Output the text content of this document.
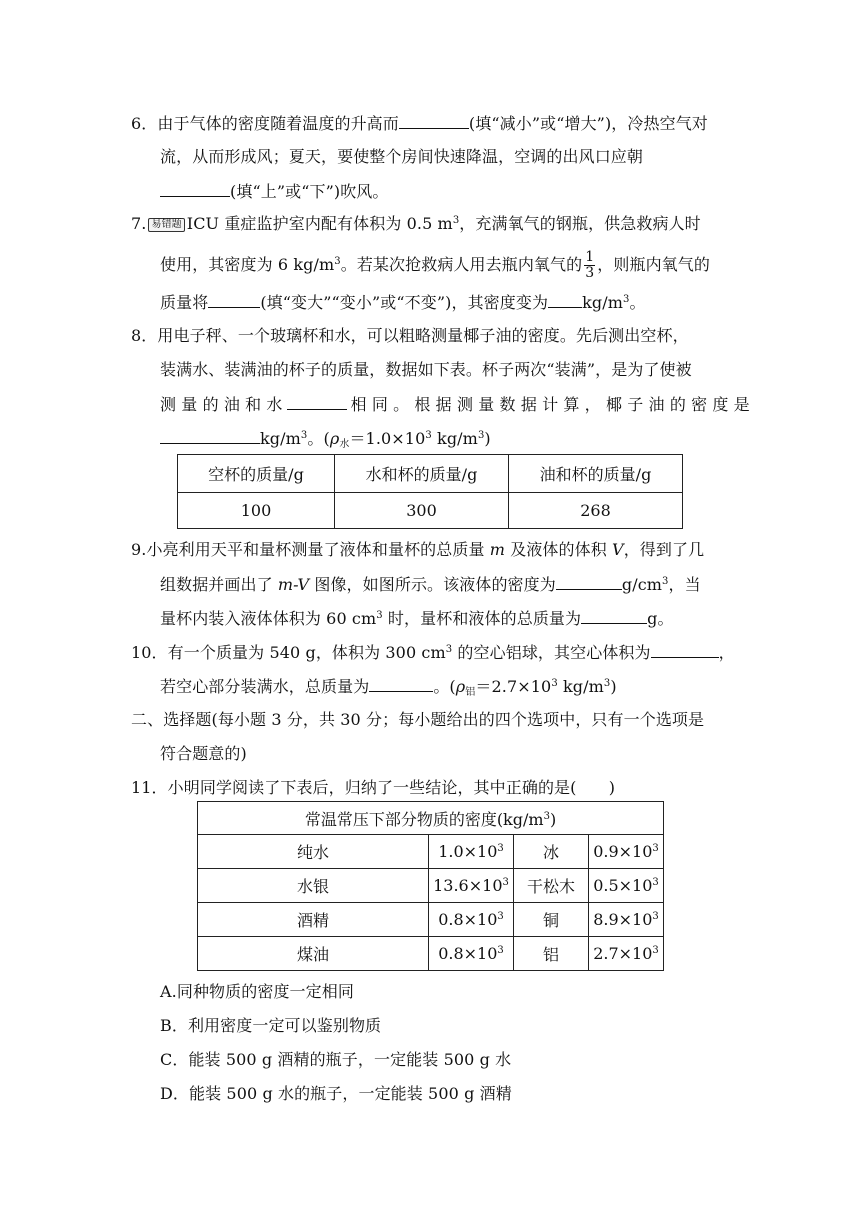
6．由于气体的密度随着温度的升高而	(填“减小”或“增大”)，冷热空气对
流，从而形成风；夏天，要使整个房间快速降温，空调的出风口应朝
(填“上”或“下”)吹风。
7. 易错题 ICU 重症监护室内配有体积为 0.5 $m^3$，充满氧气的钢瓶，供急救病人时
使用，其密度为 6 $kg/m^3$。若某次抢救病人用去瓶内氧气的 $\frac{1}{3}$ ，则瓶内氧气的
质量将	(填“变大”“变小”或“不变”)，其密度变为 $kg/m^3$。
8．用电子秤、一个玻璃杯和水，可以粗略测量椰子油的密度。先后测出空杯，
装满水、装满油的杯子的质量，数据如下表。杯子两次“装满”，是为了使被
测 量 的 油 和 水	相 同 。 根 据 测 量 数 据 计 算 ， 椰 子 油 的 密 度 是
$kg/m^3$。($\rho_水=1.0\times 10^3$ $kg/m^3$)
空杯的质量/g	水和杯的质量/g	油和杯的质量/g
100	300	268
9.小亮利用天平和量杯测量了液体和量杯的总质量 m 及液体的体积 V，得到了几
组数据并画出了 m-V 图像，如图所示。该液体的密度为	$g/cm^3$，当
量杯内装入液体体积为 60 $cm^3$ 时，量杯和液体的总质量为	g。
10．有一个质量为 540 g，体积为 300 $cm^3$ 的空心铝球，其空心体积为	，
若空心部分装满水，总质量为	。($\rho_铝=2.7\times 10^3$ $kg/m^3$)
二、选择题(每小题 3 分，共 30 分；每小题给出的四个选项中，只有一个选项是
符合题意的)
11．小明同学阅读了下表后，归纳了一些结论，其中正确的是(　　)
常温常压下部分物质的密度$(kg/m^3)$			
纯水	$1.0\times 10^3$	冰	$0.9\times 10^3$
水银	$13.6\times 10^3$	干松木	$0.5\times 10^3$
酒精	$0.8\times 10^3$	铜	$8.9\times 10^3$
煤油	$0.8\times 10^3$	铝	$2.7\times 10^3$
A.同种物质的密度一定相同
B．利用密度一定可以鉴别物质
C．能装 500 g 酒精的瓶子，一定能装 500 g 水
D．能装 500 g 水的瓶子，一定能装 500 g 酒精
